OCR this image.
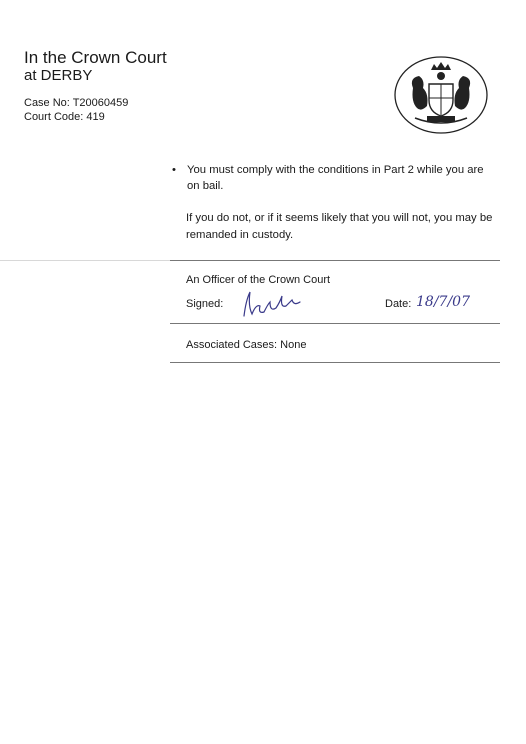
In the Crown Court
at DERBY
Case No: T20060459
Court Code: 419
• You must comply with the conditions in Part 2 while you are on bail.
If you do not, or if it seems likely that you will not, you may be remanded in custody.
An Officer of the Crown Court
Signed:	Date: 18/7/07
Associated Cases: None
